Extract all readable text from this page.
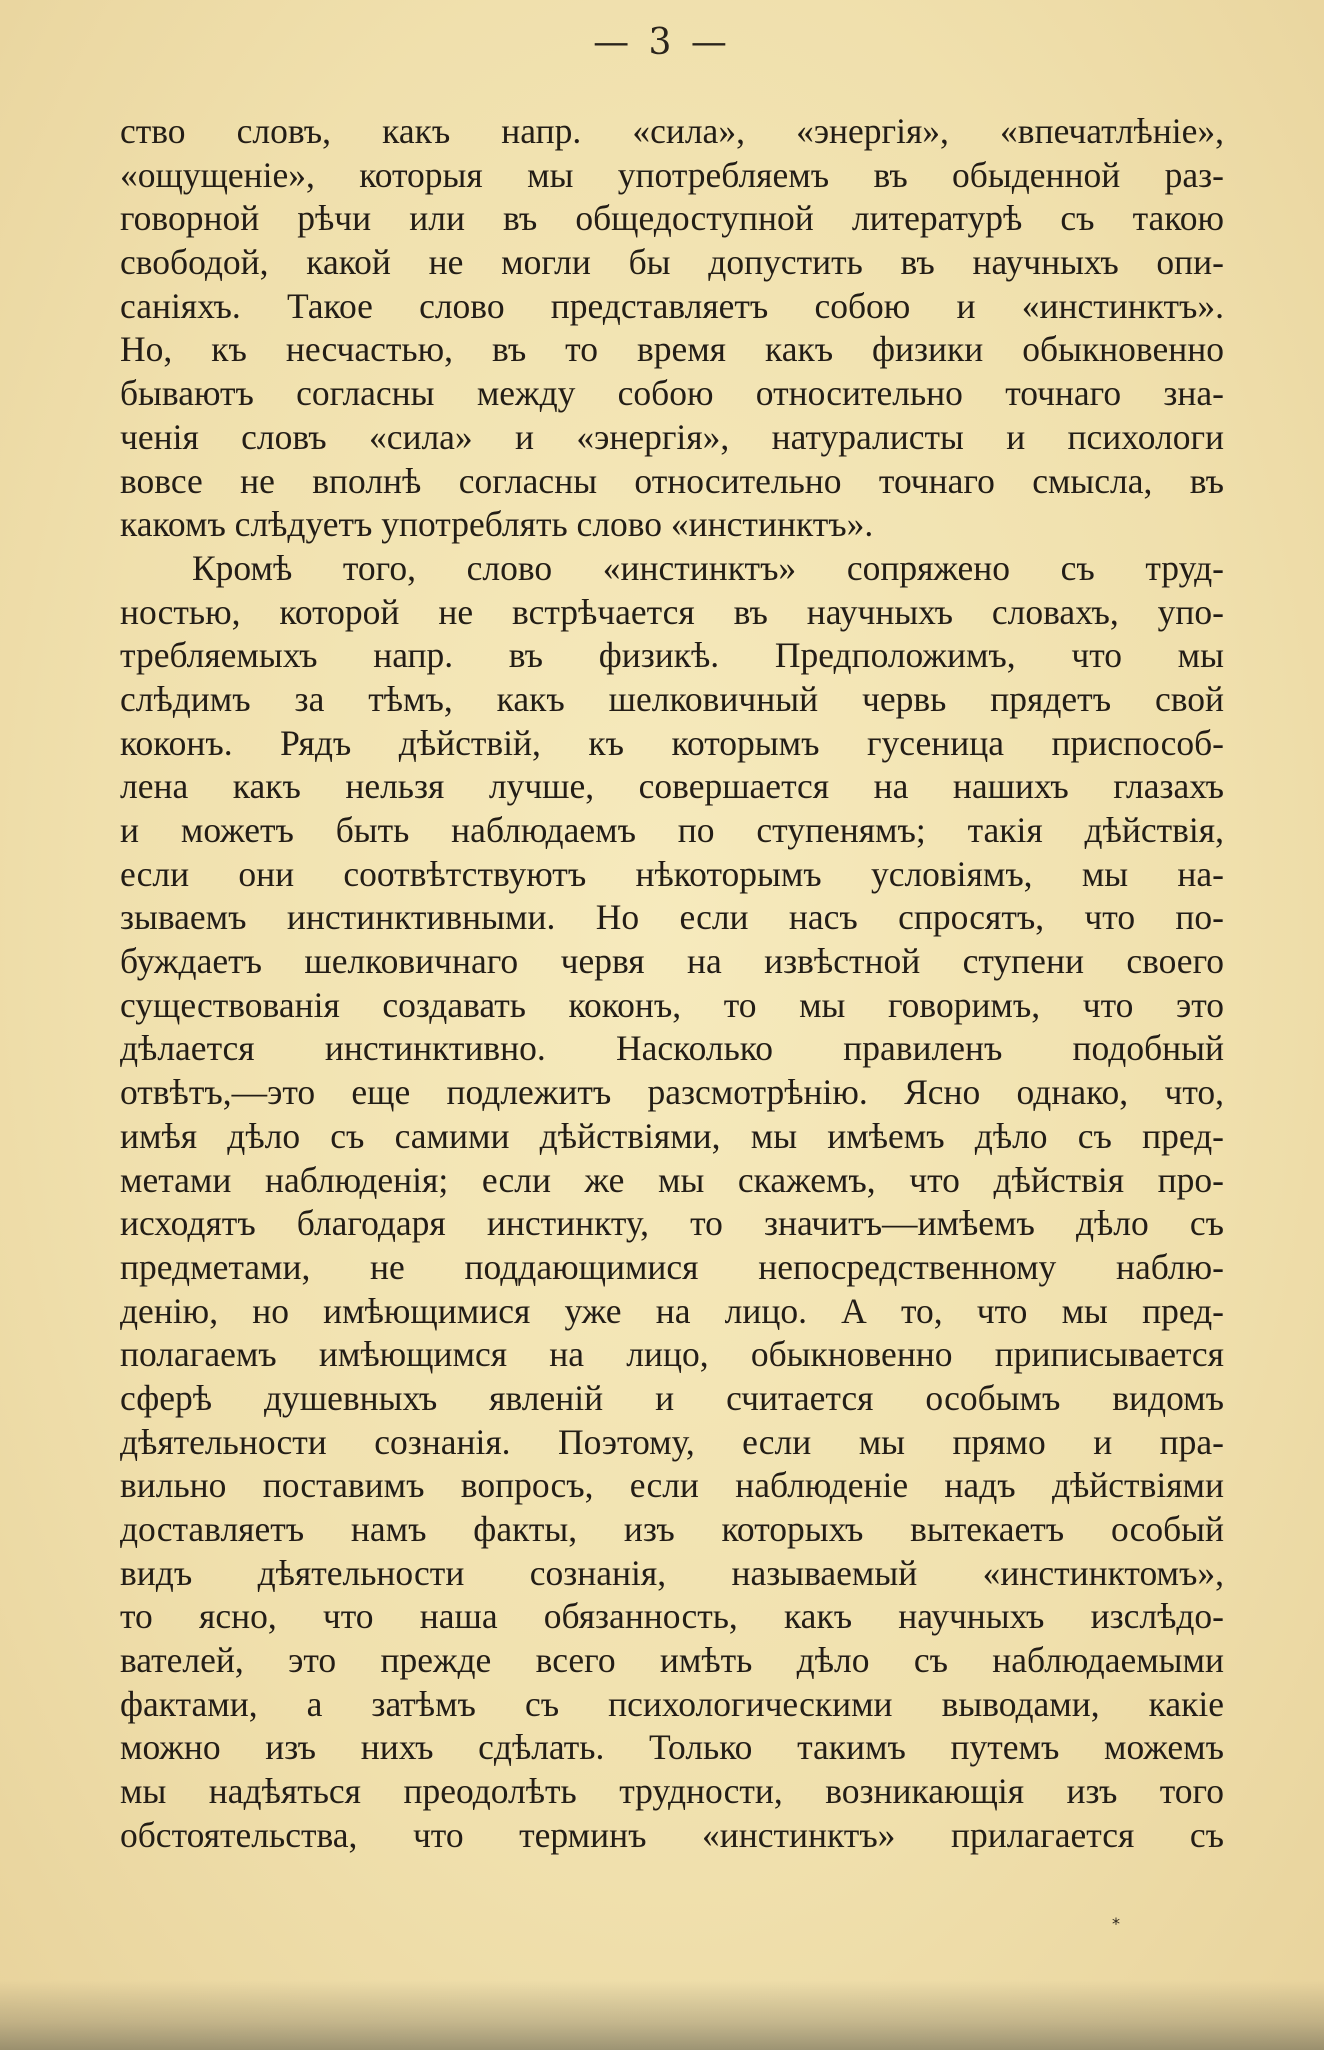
— 3 —
ство словъ, какъ напр. «сила», «энергія», «впечатлѣніе»,
«ощущеніе», которыя мы употребляемъ въ обыденной раз-
говорной рѣчи или въ общедоступной литературѣ съ такою
свободой, какой не могли бы допустить въ научныхъ опи-
саніяхъ. Такое слово представляетъ собою и «инстинктъ».
Но, къ несчастью, въ то время какъ физики обыкновенно
бываютъ согласны между собою относительно точнаго зна-
ченія словъ «сила» и «энергія», натуралисты и психологи
вовсе не вполнѣ согласны относительно точнаго смысла, въ
какомъ слѣдуетъ употреблять слово «инстинктъ».
Кромѣ того, слово «инстинктъ» сопряжено съ труд-
ностью, которой не встрѣчается въ научныхъ словахъ, упо-
требляемыхъ напр. въ физикѣ. Предположимъ, что мы
слѣдимъ за тѣмъ, какъ шелковичный червь прядетъ свой
коконъ. Рядъ дѣйствій, къ которымъ гусеница приспособ-
лена какъ нельзя лучше, совершается на нашихъ глазахъ
и можетъ быть наблюдаемъ по ступенямъ; такія дѣйствія,
если они соотвѣтствуютъ нѣкоторымъ условіямъ, мы на-
зываемъ инстинктивными. Но если насъ спросятъ, что по-
буждаетъ шелковичнаго червя на извѣстной ступени своего
существованія создавать коконъ, то мы говоримъ, что это
дѣлается инстинктивно. Насколько правиленъ подобный
отвѣтъ,—это еще подлежитъ разсмотрѣнію. Ясно однако, что,
имѣя дѣло съ самими дѣйствіями, мы имѣемъ дѣло съ пред-
метами наблюденія; если же мы скажемъ, что дѣйствія про-
исходятъ благодаря инстинкту, то значитъ—имѣемъ дѣло съ
предметами, не поддающимися непосредственному наблю-
денію, но имѣющимися уже на лицо. А то, что мы пред-
полагаемъ имѣющимся на лицо, обыкновенно приписывается
сферѣ душевныхъ явленій и считается особымъ видомъ
дѣятельности сознанія. Поэтому, если мы прямо и пра-
вильно поставимъ вопросъ, если наблюденіе надъ дѣйствіями
доставляетъ намъ факты, изъ которыхъ вытекаетъ особый
видъ дѣятельности сознанія, называемый «инстинктомъ»,
то ясно, что наша обязанность, какъ научныхъ изслѣдо-
вателей, это прежде всего имѣть дѣло съ наблюдаемыми
фактами, а затѣмъ съ психологическими выводами, какіе
можно изъ нихъ сдѣлать. Только такимъ путемъ можемъ
мы надѣяться преодолѣть трудности, возникающія изъ того
обстоятельства, что терминъ «инстинктъ» прилагается съ
*
